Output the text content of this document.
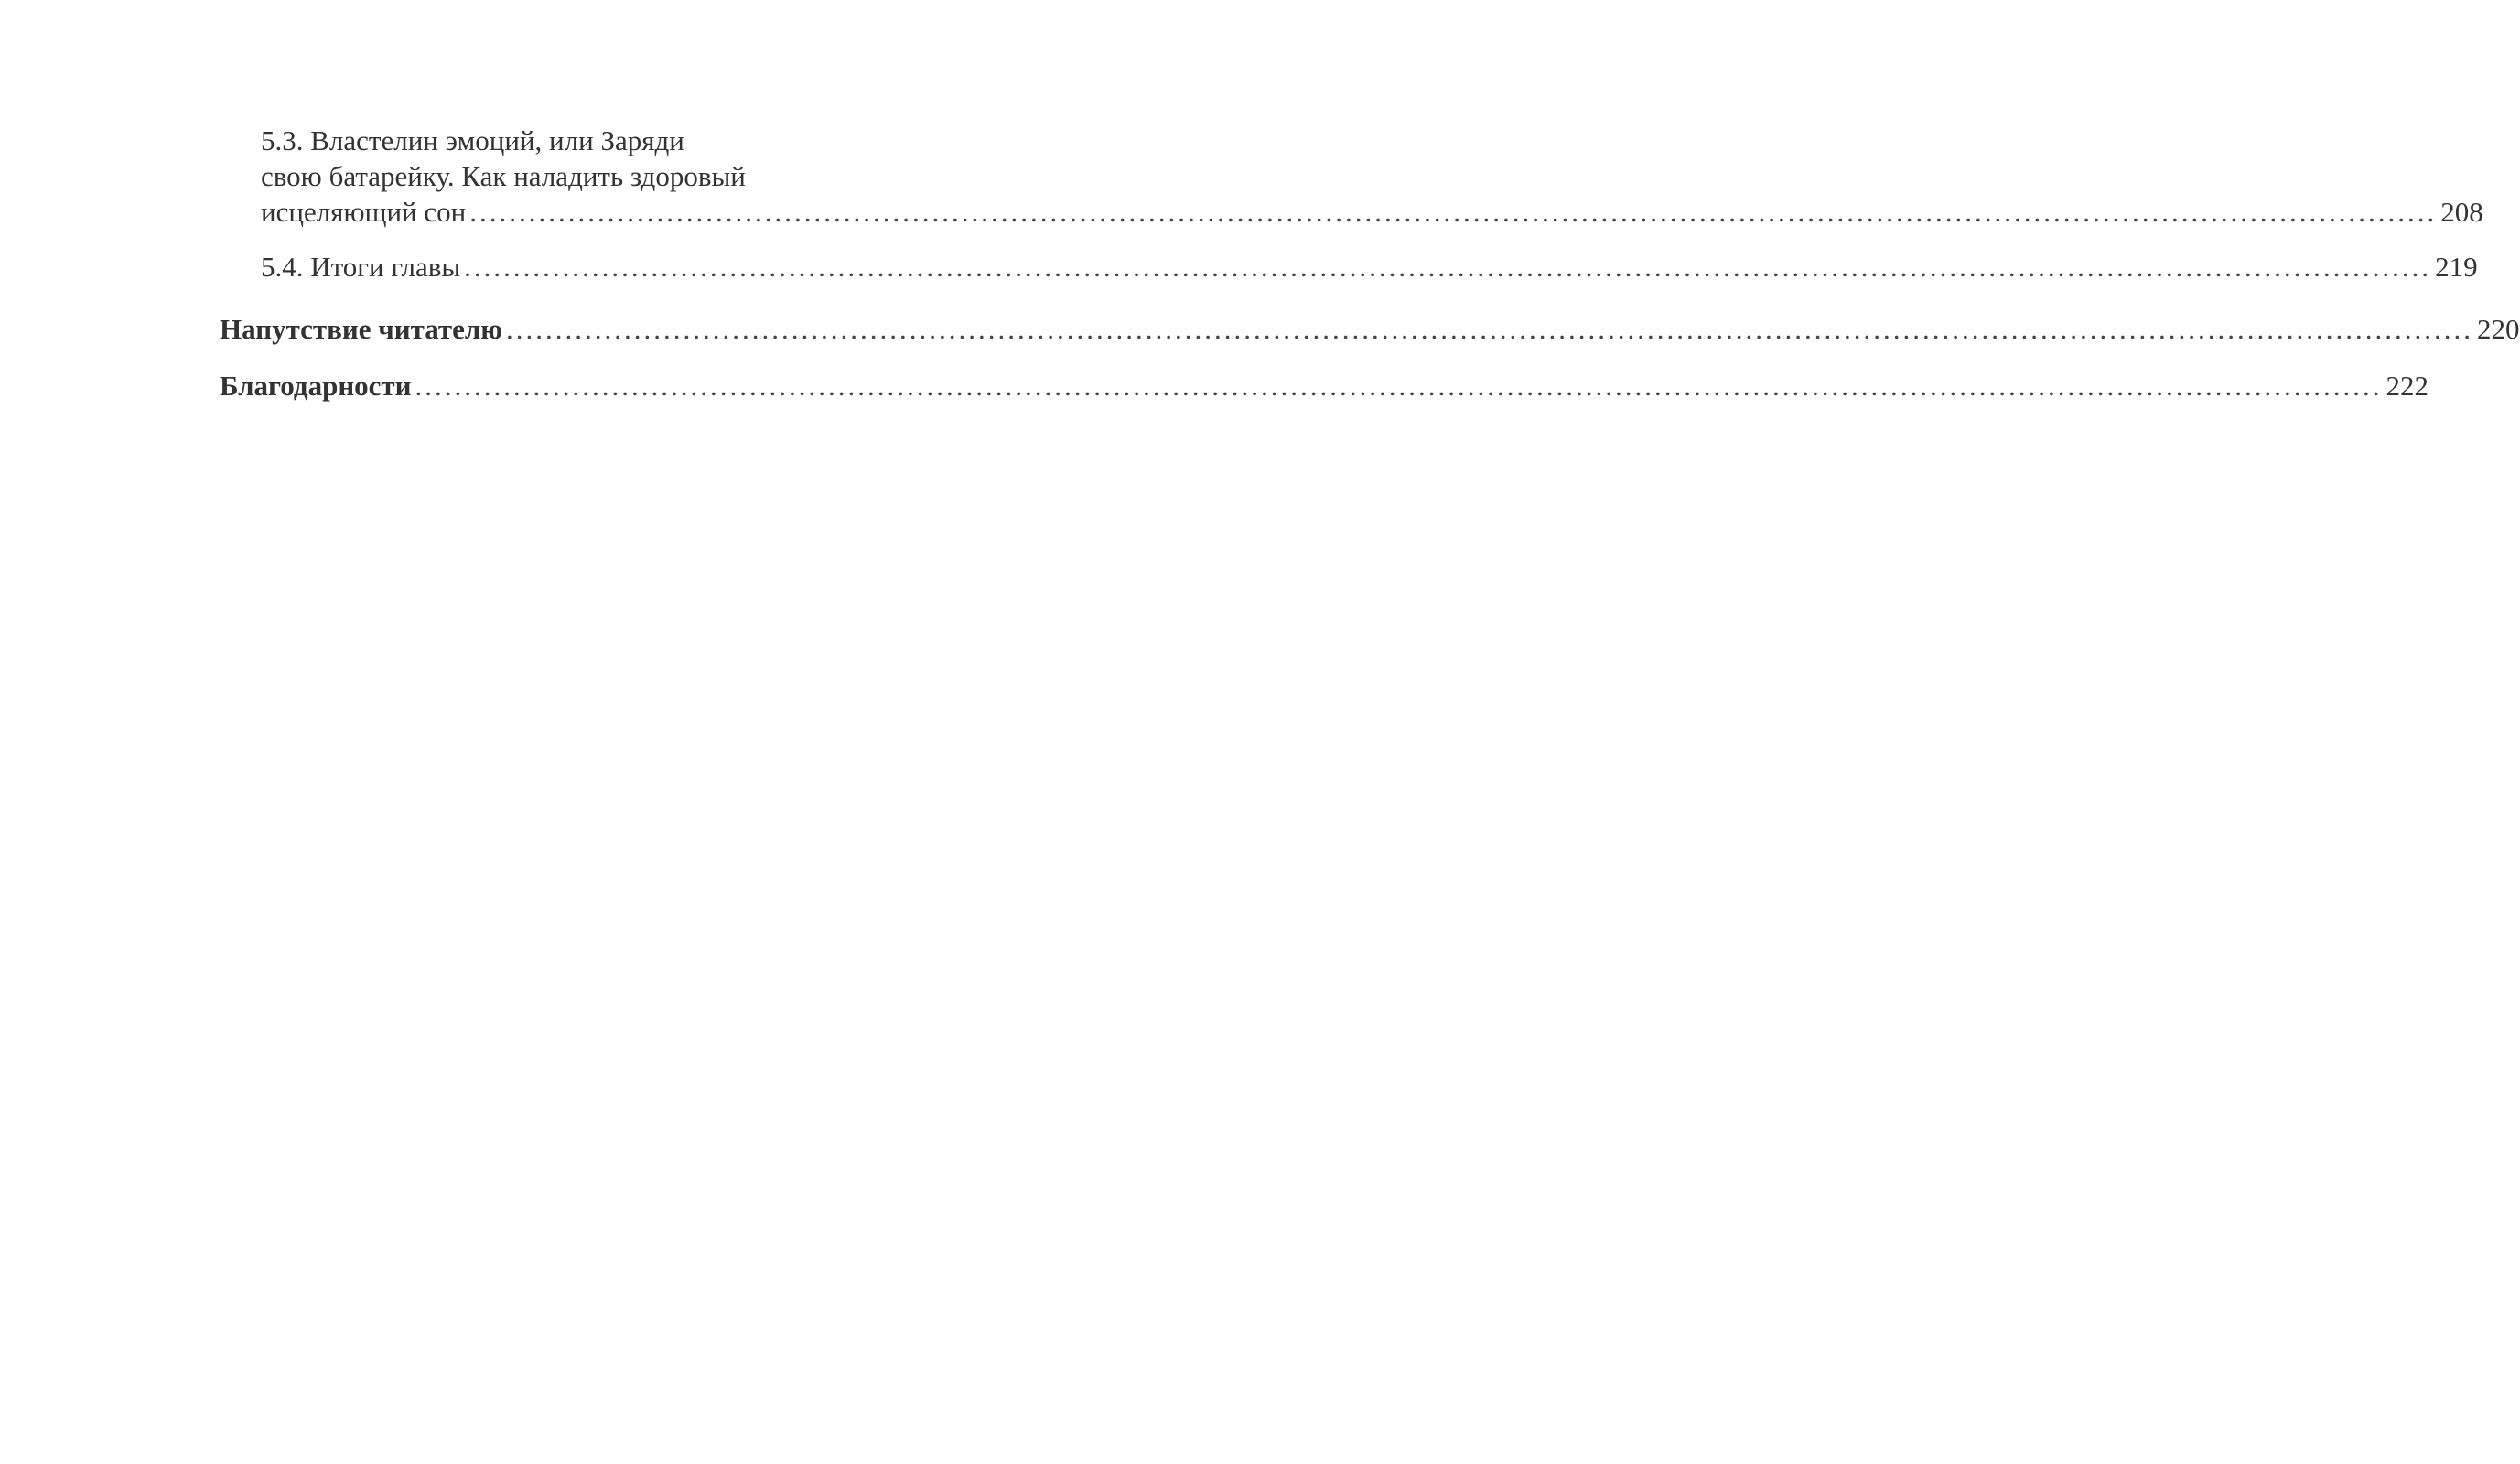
5.3. Властелин эмоций, или Заряди
свою батарейку. Как наладить здоровый
исцеляющий сон ........................................................................................................................................................................................................ 208
5.4. Итоги главы ........................................................................................................................................................................................................ 219
Напутствие читателю ........................................................................................................................................................................................................ 220
Благодарности ........................................................................................................................................................................................................ 222
